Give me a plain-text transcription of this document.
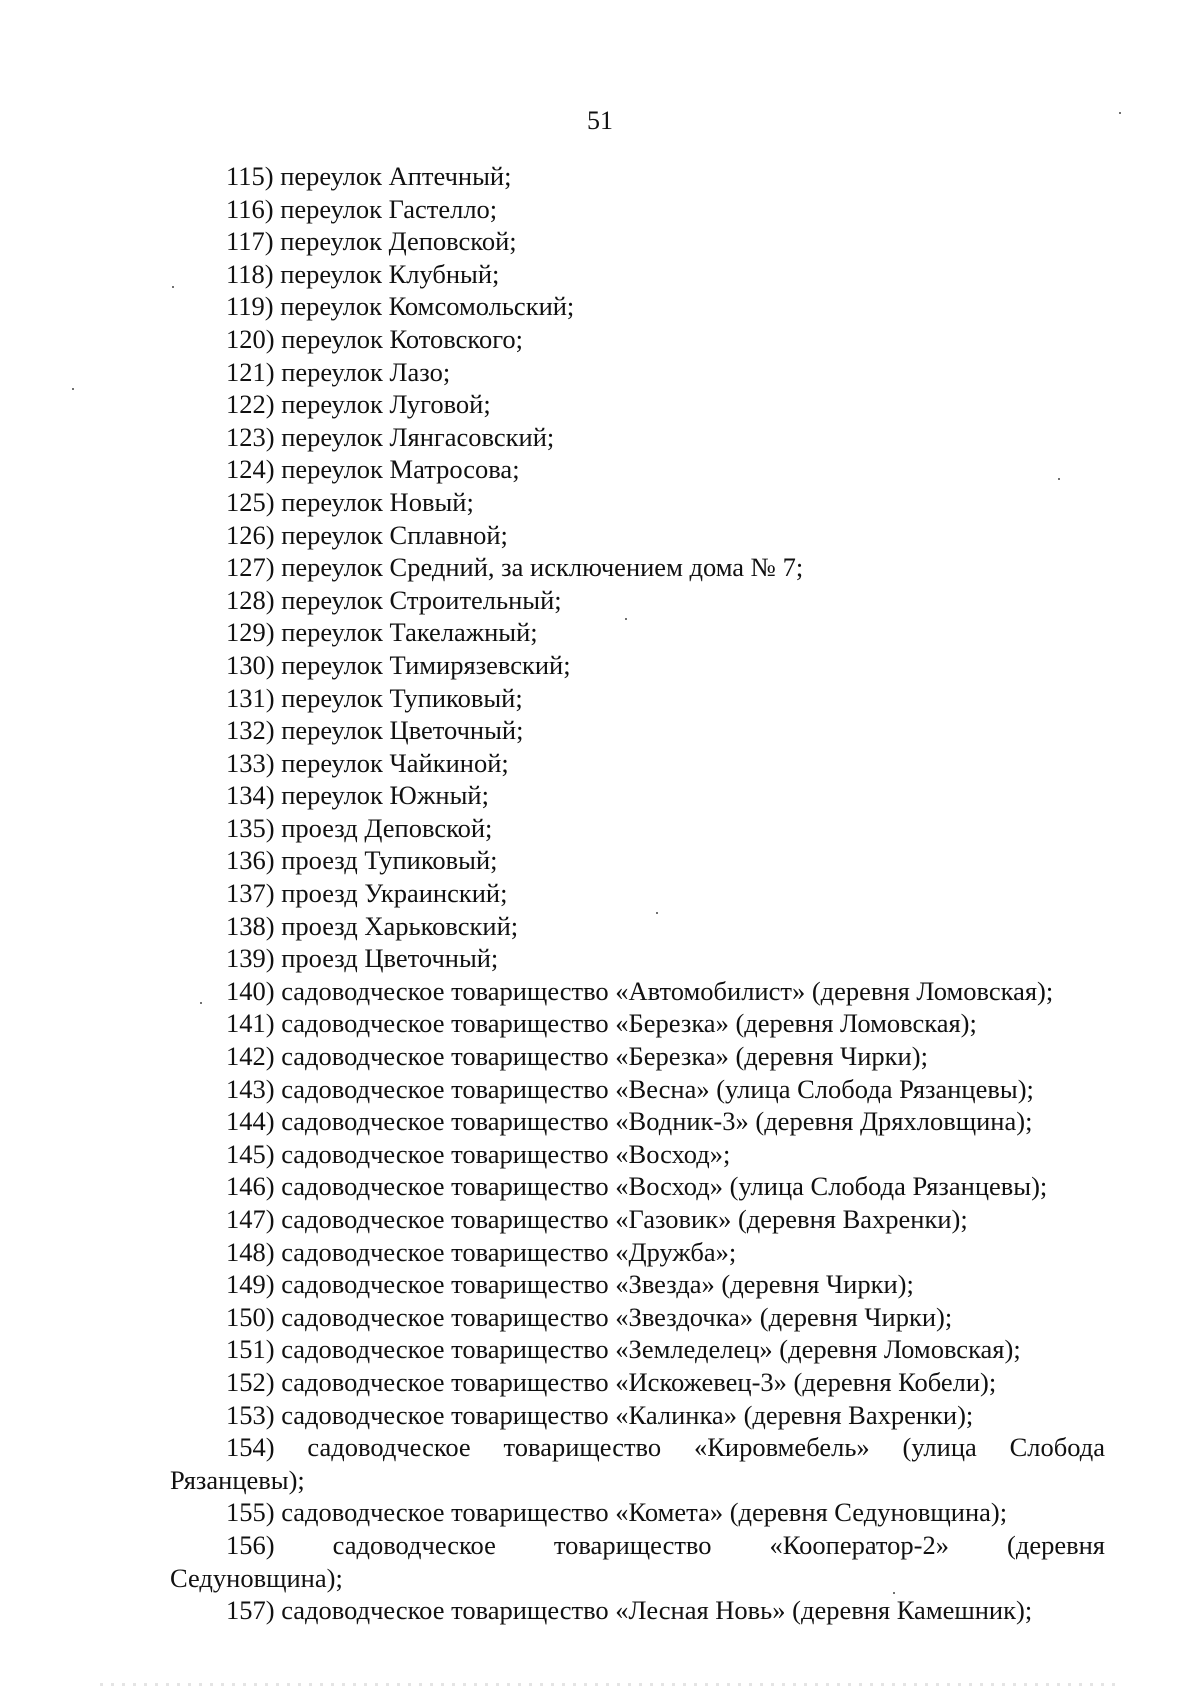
51
115) переулок Аптечный;
116) переулок Гастелло;
117) переулок Деповской;
118) переулок Клубный;
119) переулок Комсомольский;
120) переулок Котовского;
121) переулок Лазо;
122) переулок Луговой;
123) переулок Лянгасовский;
124) переулок Матросова;
125) переулок Новый;
126) переулок Сплавной;
127) переулок Средний, за исключением дома № 7;
128) переулок Строительный;
129) переулок Такелажный;
130) переулок Тимирязевский;
131) переулок Тупиковый;
132) переулок Цветочный;
133) переулок Чайкиной;
134) переулок Южный;
135) проезд Деповской;
136) проезд Тупиковый;
137) проезд Украинский;
138) проезд Харьковский;
139) проезд Цветочный;
140) садоводческое товарищество «Автомобилист» (деревня Ломовская);
141) садоводческое товарищество «Березка» (деревня Ломовская);
142) садоводческое товарищество «Березка» (деревня Чирки);
143) садоводческое товарищество «Весна» (улица Слобода Рязанцевы);
144) садоводческое товарищество «Водник-3» (деревня Дряхловщина);
145) садоводческое товарищество «Восход»;
146) садоводческое товарищество «Восход» (улица Слобода Рязанцевы);
147) садоводческое товарищество «Газовик» (деревня Вахренки);
148) садоводческое товарищество «Дружба»;
149) садоводческое товарищество «Звезда» (деревня Чирки);
150) садоводческое товарищество «Звездочка» (деревня Чирки);
151) садоводческое товарищество «Земледелец» (деревня Ломовская);
152) садоводческое товарищество «Искожевец-3» (деревня Кобели);
153) садоводческое товарищество «Калинка» (деревня Вахренки);
154) садоводческое товарищество «Кировмебель» (улица Слобода
Рязанцевы);
155) садоводческое товарищество «Комета» (деревня Седуновщина);
156) садоводческое товарищество «Кооператор-2» (деревня
Седуновщина);
157) садоводческое товарищество «Лесная Новь» (деревня Камешник);
